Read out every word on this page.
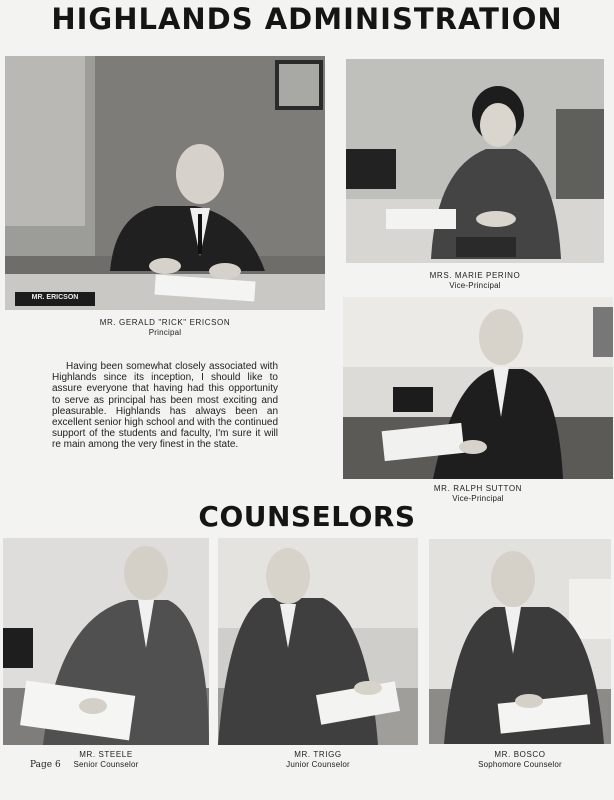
HIGHLANDS ADMINISTRATION
MR. ERICSON
MR. GERALD "RICK" ERICSON
Principal

Having been somewhat closely associated with Highlands since its inception, I should like to assure everyone that having had this opportunity to serve as principal has been most exciting and pleasurable. Highlands has always been an excellent senior high school and with the continued support of the students and faculty, I'm sure it will re main among the very finest in the state.

MRS. MARIE PERINO
Vice-Principal
MR. RALPH SUTTON
Vice-Principal
COUNSELORS
MR. STEELE
Senior Counselor
MR. TRIGG
Junior Counselor
MR. BOSCO
Sophomore Counselor
Page 6
